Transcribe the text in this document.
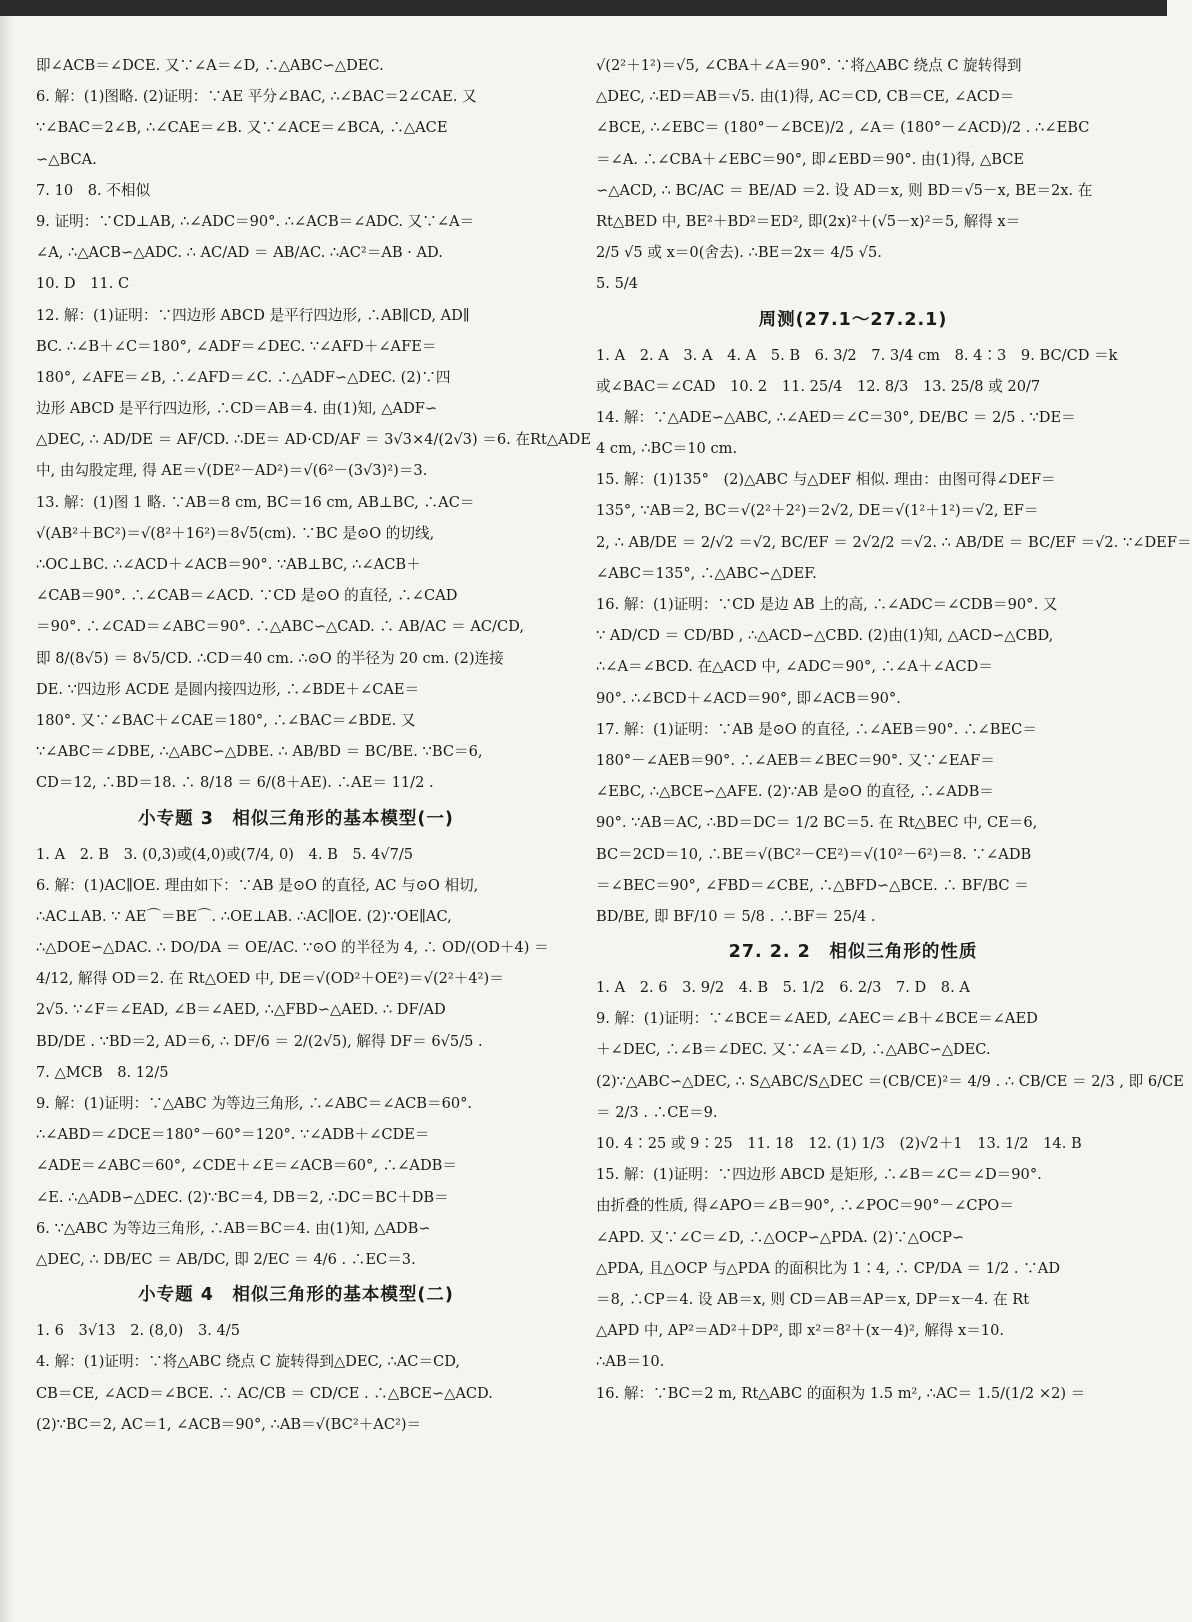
即∠ACB＝∠DCE. 又∵∠A＝∠D, ∴△ABC∽△DEC.
6. 解：(1)图略. (2)证明：∵AE 平分∠BAC, ∴∠BAC＝2∠CAE. 又
∵∠BAC＝2∠B, ∴∠CAE＝∠B. 又∵∠ACE＝∠BCA, ∴△ACE
∽△BCA.
7. 10　8. 不相似
9. 证明：∵CD⊥AB, ∴∠ADC＝90°. ∴∠ACB＝∠ADC. 又∵∠A＝
∠A, ∴△ACB∽△ADC. ∴ AC/AD ＝ AB/AC. ∴AC²＝AB · AD.
10. D　11. C
12. 解：(1)证明：∵四边形 ABCD 是平行四边形, ∴AB∥CD, AD∥
BC. ∴∠B＋∠C＝180°, ∠ADF＝∠DEC. ∵∠AFD＋∠AFE＝
180°, ∠AFE＝∠B, ∴∠AFD＝∠C. ∴△ADF∽△DEC. (2)∵四
边形 ABCD 是平行四边形, ∴CD＝AB＝4. 由(1)知, △ADF∽
△DEC, ∴ AD/DE ＝ AF/CD. ∴DE＝ AD·CD/AF ＝ 3√3×4/(2√3) ＝6. 在Rt△ADE
中, 由勾股定理, 得 AE＝√(DE²－AD²)＝√(6²－(3√3)²)＝3.
13. 解：(1)图 1 略. ∵AB＝8 cm, BC＝16 cm, AB⊥BC, ∴AC＝
√(AB²＋BC²)＝√(8²＋16²)＝8√5(cm). ∵BC 是⊙O 的切线,
∴OC⊥BC. ∴∠ACD＋∠ACB＝90°. ∵AB⊥BC, ∴∠ACB＋
∠CAB＝90°. ∴∠CAB＝∠ACD. ∵CD 是⊙O 的直径, ∴∠CAD
＝90°. ∴∠CAD＝∠ABC＝90°. ∴△ABC∽△CAD. ∴ AB/AC ＝ AC/CD,
即 8/(8√5) ＝ 8√5/CD. ∴CD＝40 cm. ∴⊙O 的半径为 20 cm. (2)连接
DE. ∵四边形 ACDE 是圆内接四边形, ∴∠BDE＋∠CAE＝
180°. 又∵∠BAC＋∠CAE＝180°, ∴∠BAC＝∠BDE. 又
∵∠ABC＝∠DBE, ∴△ABC∽△DBE. ∴ AB/BD ＝ BC/BE. ∵BC＝6,
CD＝12, ∴BD＝18. ∴ 8/18 ＝ 6/(8＋AE). ∴AE＝ 11/2 .
小专题 3　相似三角形的基本模型(一)
1. A　2. B　3. (0,3)或(4,0)或(7/4, 0)　4. B　5. 4√7/5
6. 解：(1)AC∥OE. 理由如下：∵AB 是⊙O 的直径, AC 与⊙O 相切,
∴AC⊥AB. ∵ AE⌒＝BE⌒. ∴OE⊥AB. ∴AC∥OE. (2)∵OE∥AC,
∴△DOE∽△DAC. ∴ DO/DA ＝ OE/AC. ∵⊙O 的半径为 4, ∴ OD/(OD＋4) ＝
4/12, 解得 OD＝2. 在 Rt△OED 中, DE＝√(OD²＋OE²)＝√(2²＋4²)＝
2√5. ∵∠F＝∠EAD, ∠B＝∠AED, ∴△FBD∽△AED. ∴ DF/AD
BD/DE . ∵BD＝2, AD＝6, ∴ DF/6 ＝ 2/(2√5), 解得 DF＝ 6√5/5 .
7. △MCB　8. 12/5
9. 解：(1)证明：∵△ABC 为等边三角形, ∴∠ABC＝∠ACB＝60°.
∴∠ABD＝∠DCE＝180°－60°＝120°. ∵∠ADB＋∠CDE＝
∠ADE＝∠ABC＝60°, ∠CDE＋∠E＝∠ACB＝60°, ∴∠ADB＝
∠E. ∴△ADB∽△DEC. (2)∵BC＝4, DB＝2, ∴DC＝BC＋DB＝
6. ∵△ABC 为等边三角形, ∴AB＝BC＝4. 由(1)知, △ADB∽
△DEC, ∴ DB/EC ＝ AB/DC, 即 2/EC ＝ 4/6 . ∴EC＝3.
小专题 4　相似三角形的基本模型(二)
1. 6　3√13　2. (8,0)　3. 4/5
4. 解：(1)证明：∵将△ABC 绕点 C 旋转得到△DEC, ∴AC＝CD,
CB＝CE, ∠ACD＝∠BCE. ∴ AC/CB ＝ CD/CE . ∴△BCE∽△ACD.
(2)∵BC＝2, AC＝1, ∠ACB＝90°, ∴AB＝√(BC²＋AC²)＝
√(2²＋1²)＝√5, ∠CBA＋∠A＝90°. ∵将△ABC 绕点 C 旋转得到
△DEC, ∴ED＝AB＝√5. 由(1)得, AC＝CD, CB＝CE, ∠ACD＝
∠BCE, ∴∠EBC＝ (180°－∠BCE)/2 , ∠A＝ (180°－∠ACD)/2 . ∴∠EBC
＝∠A. ∴∠CBA＋∠EBC＝90°, 即∠EBD＝90°. 由(1)得, △BCE
∽△ACD, ∴ BC/AC ＝ BE/AD ＝2. 设 AD＝x, 则 BD＝√5－x, BE＝2x. 在
Rt△BED 中, BE²＋BD²＝ED², 即(2x)²＋(√5－x)²＝5, 解得 x＝
2/5 √5 或 x＝0(舍去). ∴BE＝2x＝ 4/5 √5.
5. 5/4
周测(27.1～27.2.1)
1. A　2. A　3. A　4. A　5. B　6. 3/2　7. 3/4 cm　8. 4∶3　9. BC/CD ＝k
或∠BAC＝∠CAD　10. 2　11. 25/4　12. 8/3　13. 25/8 或 20/7
14. 解：∵△ADE∽△ABC, ∴∠AED＝∠C＝30°, DE/BC ＝ 2/5 . ∵DE＝
4 cm, ∴BC＝10 cm.
15. 解：(1)135°　(2)△ABC 与△DEF 相似. 理由：由图可得∠DEF＝
135°, ∵AB＝2, BC＝√(2²＋2²)＝2√2, DE＝√(1²＋1²)＝√2, EF＝
2, ∴ AB/DE ＝ 2/√2 ＝√2, BC/EF ＝ 2√2/2 ＝√2. ∴ AB/DE ＝ BC/EF ＝√2. ∵∠DEF＝
∠ABC＝135°, ∴△ABC∽△DEF.
16. 解：(1)证明：∵CD 是边 AB 上的高, ∴∠ADC＝∠CDB＝90°. 又
∵ AD/CD ＝ CD/BD , ∴△ACD∽△CBD. (2)由(1)知, △ACD∽△CBD,
∴∠A＝∠BCD. 在△ACD 中, ∠ADC＝90°, ∴∠A＋∠ACD＝
90°. ∴∠BCD＋∠ACD＝90°, 即∠ACB＝90°.
17. 解：(1)证明：∵AB 是⊙O 的直径, ∴∠AEB＝90°. ∴∠BEC＝
180°－∠AEB＝90°. ∴∠AEB＝∠BEC＝90°. 又∵∠EAF＝
∠EBC, ∴△BCE∽△AFE. (2)∵AB 是⊙O 的直径, ∴∠ADB＝
90°. ∵AB＝AC, ∴BD＝DC＝ 1/2 BC＝5. 在 Rt△BEC 中, CE＝6,
BC＝2CD＝10, ∴BE＝√(BC²－CE²)＝√(10²－6²)＝8. ∵∠ADB
＝∠BEC＝90°, ∠FBD＝∠CBE, ∴△BFD∽△BCE. ∴ BF/BC ＝
BD/BE, 即 BF/10 ＝ 5/8 . ∴BF＝ 25/4 .
27. 2. 2　相似三角形的性质
1. A　2. 6　3. 9/2　4. B　5. 1/2　6. 2/3　7. D　8. A
9. 解：(1)证明：∵∠BCE＝∠AED, ∠AEC＝∠B＋∠BCE＝∠AED
＋∠DEC, ∴∠B＝∠DEC. 又∵∠A＝∠D, ∴△ABC∽△DEC.
(2)∵△ABC∽△DEC, ∴ S△ABC/S△DEC ＝(CB/CE)²＝ 4/9 . ∴ CB/CE ＝ 2/3 , 即 6/CE
＝ 2/3 . ∴CE＝9.
10. 4∶25 或 9∶25　11. 18　12. (1) 1/3　(2)√2＋1　13. 1/2　14. B
15. 解：(1)证明：∵四边形 ABCD 是矩形, ∴∠B＝∠C＝∠D＝90°.
由折叠的性质, 得∠APO＝∠B＝90°, ∴∠POC＝90°－∠CPO＝
∠APD. 又∵∠C＝∠D, ∴△OCP∽△PDA. (2)∵△OCP∽
△PDA, 且△OCP 与△PDA 的面积比为 1∶4, ∴ CP/DA ＝ 1/2 . ∵AD
＝8, ∴CP＝4. 设 AB＝x, 则 CD＝AB＝AP＝x, DP＝x－4. 在 Rt
△APD 中, AP²＝AD²＋DP², 即 x²＝8²＋(x－4)², 解得 x＝10.
∴AB＝10.
16. 解：∵BC＝2 m, Rt△ABC 的面积为 1.5 m², ∴AC＝ 1.5/(1/2 ×2) ＝
